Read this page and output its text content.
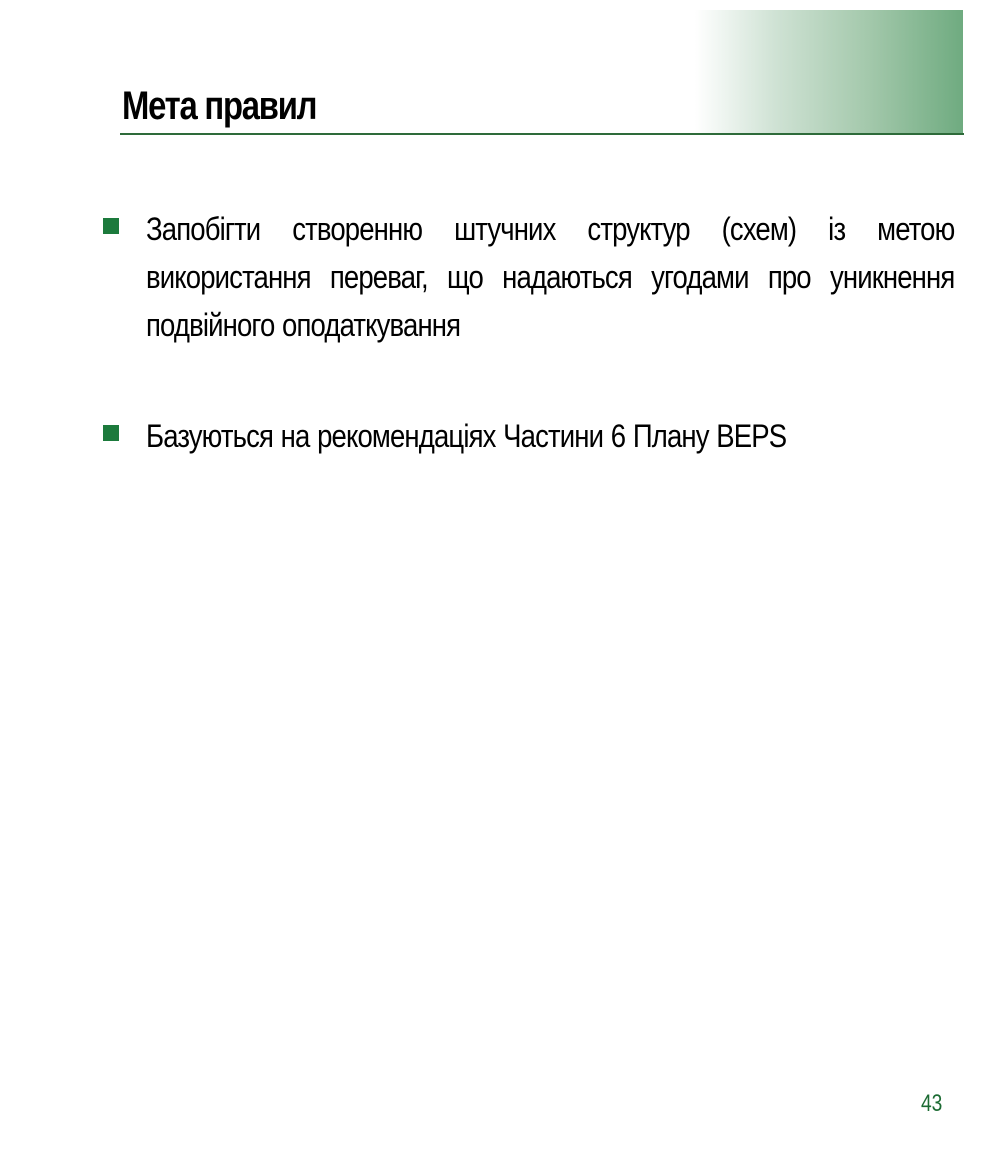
Мета правил
Запобігти створенню штучних структур (схем) із метою використання переваг, що надаються угодами про уникнення подвійного оподаткування
Базуються на рекомендаціях Частини 6 Плану BEPS
43
